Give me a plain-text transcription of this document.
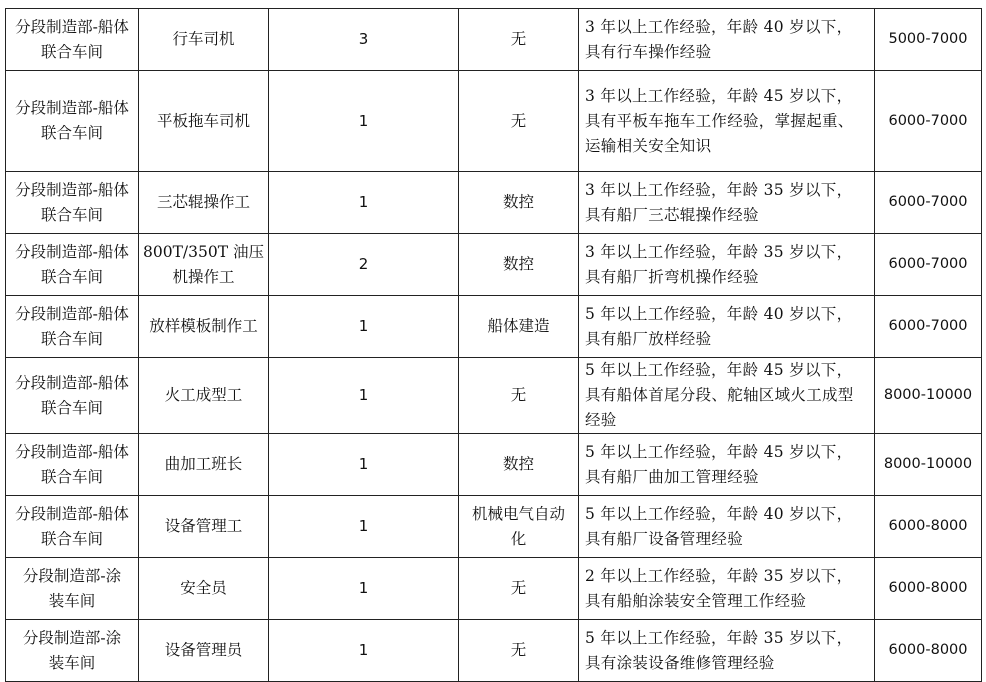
分段制造部-船体联合车间	行车司机	3	无	3 年以上工作经验，年龄 40 岁以下，具有行车操作经验	5000-7000

分段制造部-船体联合车间	平板拖车司机	1	无	3 年以上工作经验，年龄 45 岁以下，具有平板车拖车工作经验，掌握起重、运输相关安全知识	6000-7000

分段制造部-船体联合车间	三芯辊操作工	1	数控	3 年以上工作经验，年龄 35 岁以下，具有船厂三芯辊操作经验	6000-7000

分段制造部-船体联合车间	800T/350T 油压机操作工	2	数控	3 年以上工作经验，年龄 35 岁以下，具有船厂折弯机操作经验	6000-7000

分段制造部-船体联合车间	放样模板制作工	1	船体建造	5 年以上工作经验，年龄 40 岁以下，具有船厂放样经验	6000-7000

分段制造部-船体联合车间	火工成型工	1	无	5 年以上工作经验，年龄 45 岁以下，具有船体首尾分段、舵轴区域火工成型经验	8000-10000

分段制造部-船体联合车间	曲加工班长	1	数控	5 年以上工作经验，年龄 45 岁以下，具有船厂曲加工管理经验	8000-10000

分段制造部-船体联合车间	设备管理工	1	机械电气自动化	5 年以上工作经验，年龄 40 岁以下，具有船厂设备管理经验	6000-8000

分段制造部-涂装车间	安全员	1	无	2 年以上工作经验，年龄 35 岁以下，具有船舶涂装安全管理工作经验	6000-8000

分段制造部-涂装车间	设备管理员	1	无	5 年以上工作经验，年龄 35 岁以下，具有涂装设备维修管理经验	6000-8000
